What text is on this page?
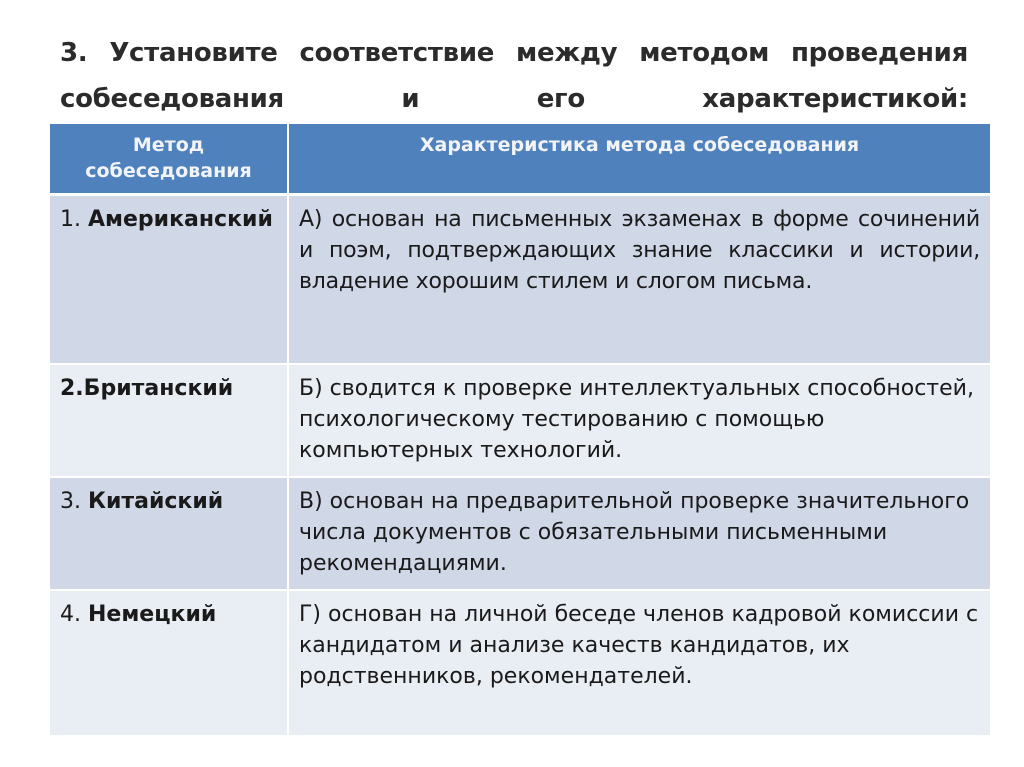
3. Установите соответствие между методом проведения
собеседования и его характеристикой:
Метод собеседования	Характеристика метода собеседования
1. Американский	А) основан на письменных экзаменах в форме сочинений и поэм, подтверждающих знание классики и истории, владение хорошим стилем и слогом письма.
2.Британский	Б) сводится к проверке интеллектуальных способностей, психологическому тестированию с помощью компьютерных технологий.
3. Китайский	В) основан на предварительной проверке значительного числа документов с обязательными письменными рекомендациями.
4. Немецкий	Г) основан на личной беседе членов кадровой комиссии с кандидатом и анализе качеств кандидатов, их родственников, рекомендателей.
